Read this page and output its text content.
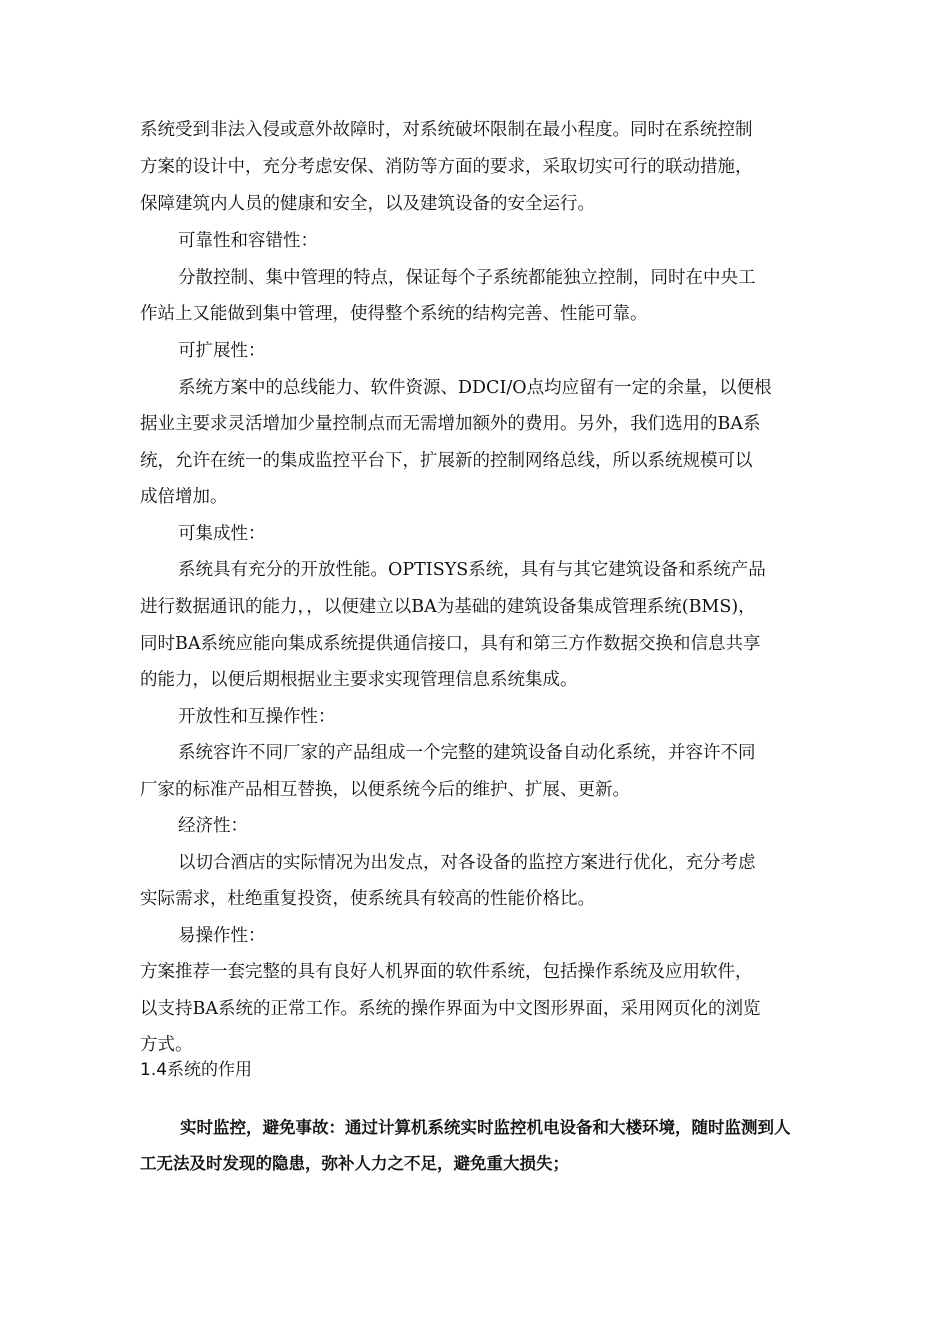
系统受到非法入侵或意外故障时，对系统破坏限制在最小程度。同时在系统控制
方案的设计中，充分考虑安保、消防等方面的要求，采取切实可行的联动措施，
保障建筑内人员的健康和安全，以及建筑设备的安全运行。
可靠性和容错性：
分散控制、集中管理的特点，保证每个子系统都能独立控制，同时在中央工
作站上又能做到集中管理，使得整个系统的结构完善、性能可靠。
可扩展性：
系统方案中的总线能力、软件资源、DDCI/O点均应留有一定的余量，以便根
据业主要求灵活增加少量控制点而无需增加额外的费用。另外，我们选用的BA系
统，允许在统一的集成监控平台下，扩展新的控制网络总线，所以系统规模可以
成倍增加。
可集成性：
系统具有充分的开放性能。OPTISYS系统，具有与其它建筑设备和系统产品
进行数据通讯的能力，，以便建立以BA为基础的建筑设备集成管理系统(BMS)，
同时BA系统应能向集成系统提供通信接口，具有和第三方作数据交换和信息共享
的能力，以便后期根据业主要求实现管理信息系统集成。
开放性和互操作性：
系统容许不同厂家的产品组成一个完整的建筑设备自动化系统，并容许不同
厂家的标准产品相互替换，以便系统今后的维护、扩展、更新。
经济性：
以切合酒店的实际情况为出发点，对各设备的监控方案进行优化，充分考虑
实际需求，杜绝重复投资，使系统具有较高的性能价格比。
易操作性：
方案推荐一套完整的具有良好人机界面的软件系统，包括操作系统及应用软件，
以支持BA系统的正常工作。系统的操作界面为中文图形界面，采用网页化的浏览
方式。
1.4系统的作用
实时监控，避免事故：通过计算机系统实时监控机电设备和大楼环境，随时监测到人
工无法及时发现的隐患，弥补人力之不足，避免重大损失；
